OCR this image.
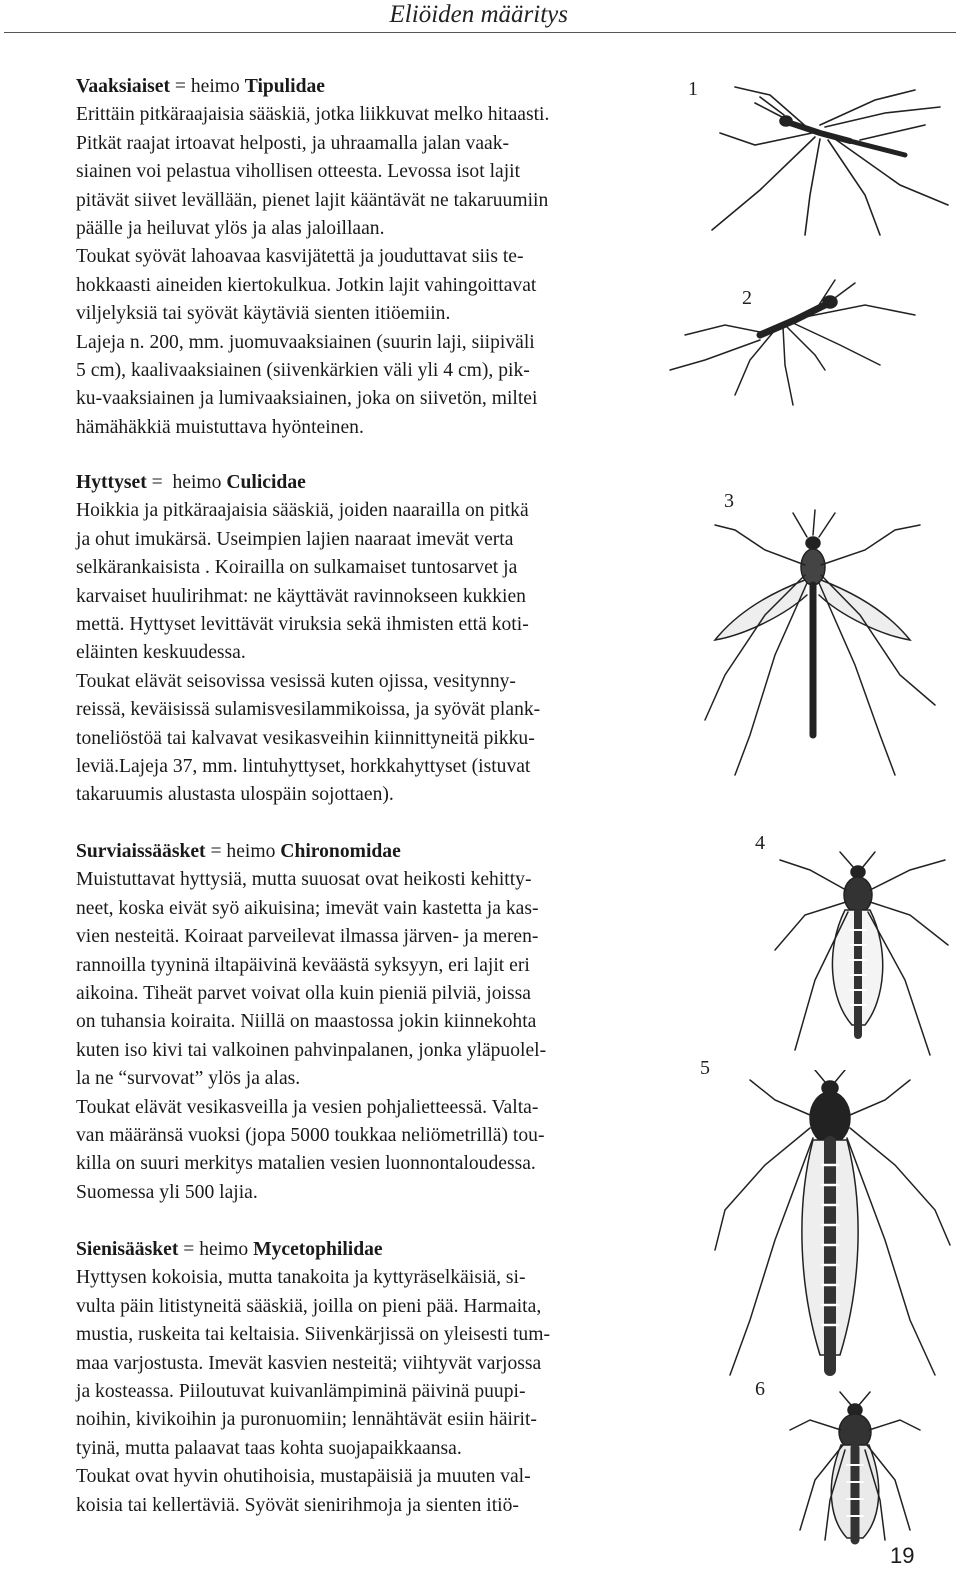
Eliöiden määritys

Vaaksiaiset = heimo Tipulidae

Erittäin pitkäraajaisia sääskiä, jotka liikkuvat melko hitaasti.

Pitkät raajat irtoavat helposti, ja uhraamalla jalan vaak-

siainen voi pelastua vihollisen otteesta. Levossa isot lajit

pitävät siivet levällään, pienet lajit kääntävät ne takaruumiin

päälle ja heiluvat ylös ja alas jaloillaan.

Toukat syövät lahoavaa kasvijätettä ja jouduttavat siis te-

hokkaasti aineiden kiertokulkua. Jotkin lajit vahingoittavat

viljelyksiä tai syövät käytäviä sienten itiöemiin.

Lajeja n. 200, mm. juomuvaaksiainen (suurin laji, siipiväli

5 cm), kaalivaaksiainen (siivenkärkien väli yli 4 cm), pik-

ku-vaaksiainen ja lumivaaksiainen, joka on siivetön, miltei

hämähäkkiä muistuttava hyönteinen.

Hyttyset =  heimo Culicidae

Hoikkia ja pitkäraajaisia sääskiä, joiden naarailla on pitkä

ja ohut imukärsä. Useimpien lajien naaraat imevät verta

selkärankaisista . Koirailla on sulkamaiset tuntosarvet ja

karvaiset huulirihmat: ne käyttävät ravinnokseen kukkien

mettä. Hyttyset levittävät viruksia sekä ihmisten että koti-

eläinten keskuudessa.

Toukat elävät seisovissa vesissä kuten ojissa, vesitynny-

reissä, keväisissä sulamisvesilammikoissa, ja syövät plank-

toneliöstöä tai kalvavat vesikasveihin kiinnittyneitä pikku-

leviä.Lajeja 37, mm. lintuhyttyset, horkkahyttyset (istuvat

takaruumis alustasta ulospäin sojottaen).

Surviaissääsket = heimo Chironomidae

Muistuttavat hyttysiä, mutta suuosat ovat heikosti kehitty-

neet, koska eivät syö aikuisina; imevät vain kastetta ja kas-

vien nesteitä. Koiraat parveilevat ilmassa järven- ja meren-

rannoilla tyyninä iltapäivinä keväästä syksyyn, eri lajit eri

aikoina. Tiheät parvet voivat olla kuin pieniä pilviä, joissa

on tuhansia koiraita. Niillä on maastossa jokin kiinnekohta

kuten iso kivi tai valkoinen pahvinpalanen, jonka yläpuolel-

la ne “survovat” ylös ja alas.

Toukat elävät vesikasveilla ja vesien pohjalietteessä. Valta-

van määränsä vuoksi (jopa 5000 toukkaa neliömetrillä) tou-

killa on suuri merkitys matalien vesien luonnontaloudessa.

Suomessa yli 500 lajia.

Sienisääsket = heimo Mycetophilidae

Hyttysen kokoisia, mutta tanakoita ja kyttyräselkäisiä, si-

vulta päin litistyneitä sääskiä, joilla on pieni pää. Harmaita,

mustia, ruskeita tai keltaisia. Siivenkärjissä on yleisesti tum-

maa varjostusta. Imevät kasvien nesteitä; viihtyvät varjossa

ja kosteassa. Piiloutuvat kuivanlämpiminä päivinä puupi-

noihin, kivikoihin ja puronuomiin; lennähtävät esiin häirit-

tyinä, mutta palaavat taas kohta suojapaikkaansa.

Toukat ovat hyvin ohutihoisia, mustapäisiä ja muuten val-

koisia tai kellertäviä. Syövät sienirihmoja ja sienten itiö-

1
2
3
4
5
6
19
